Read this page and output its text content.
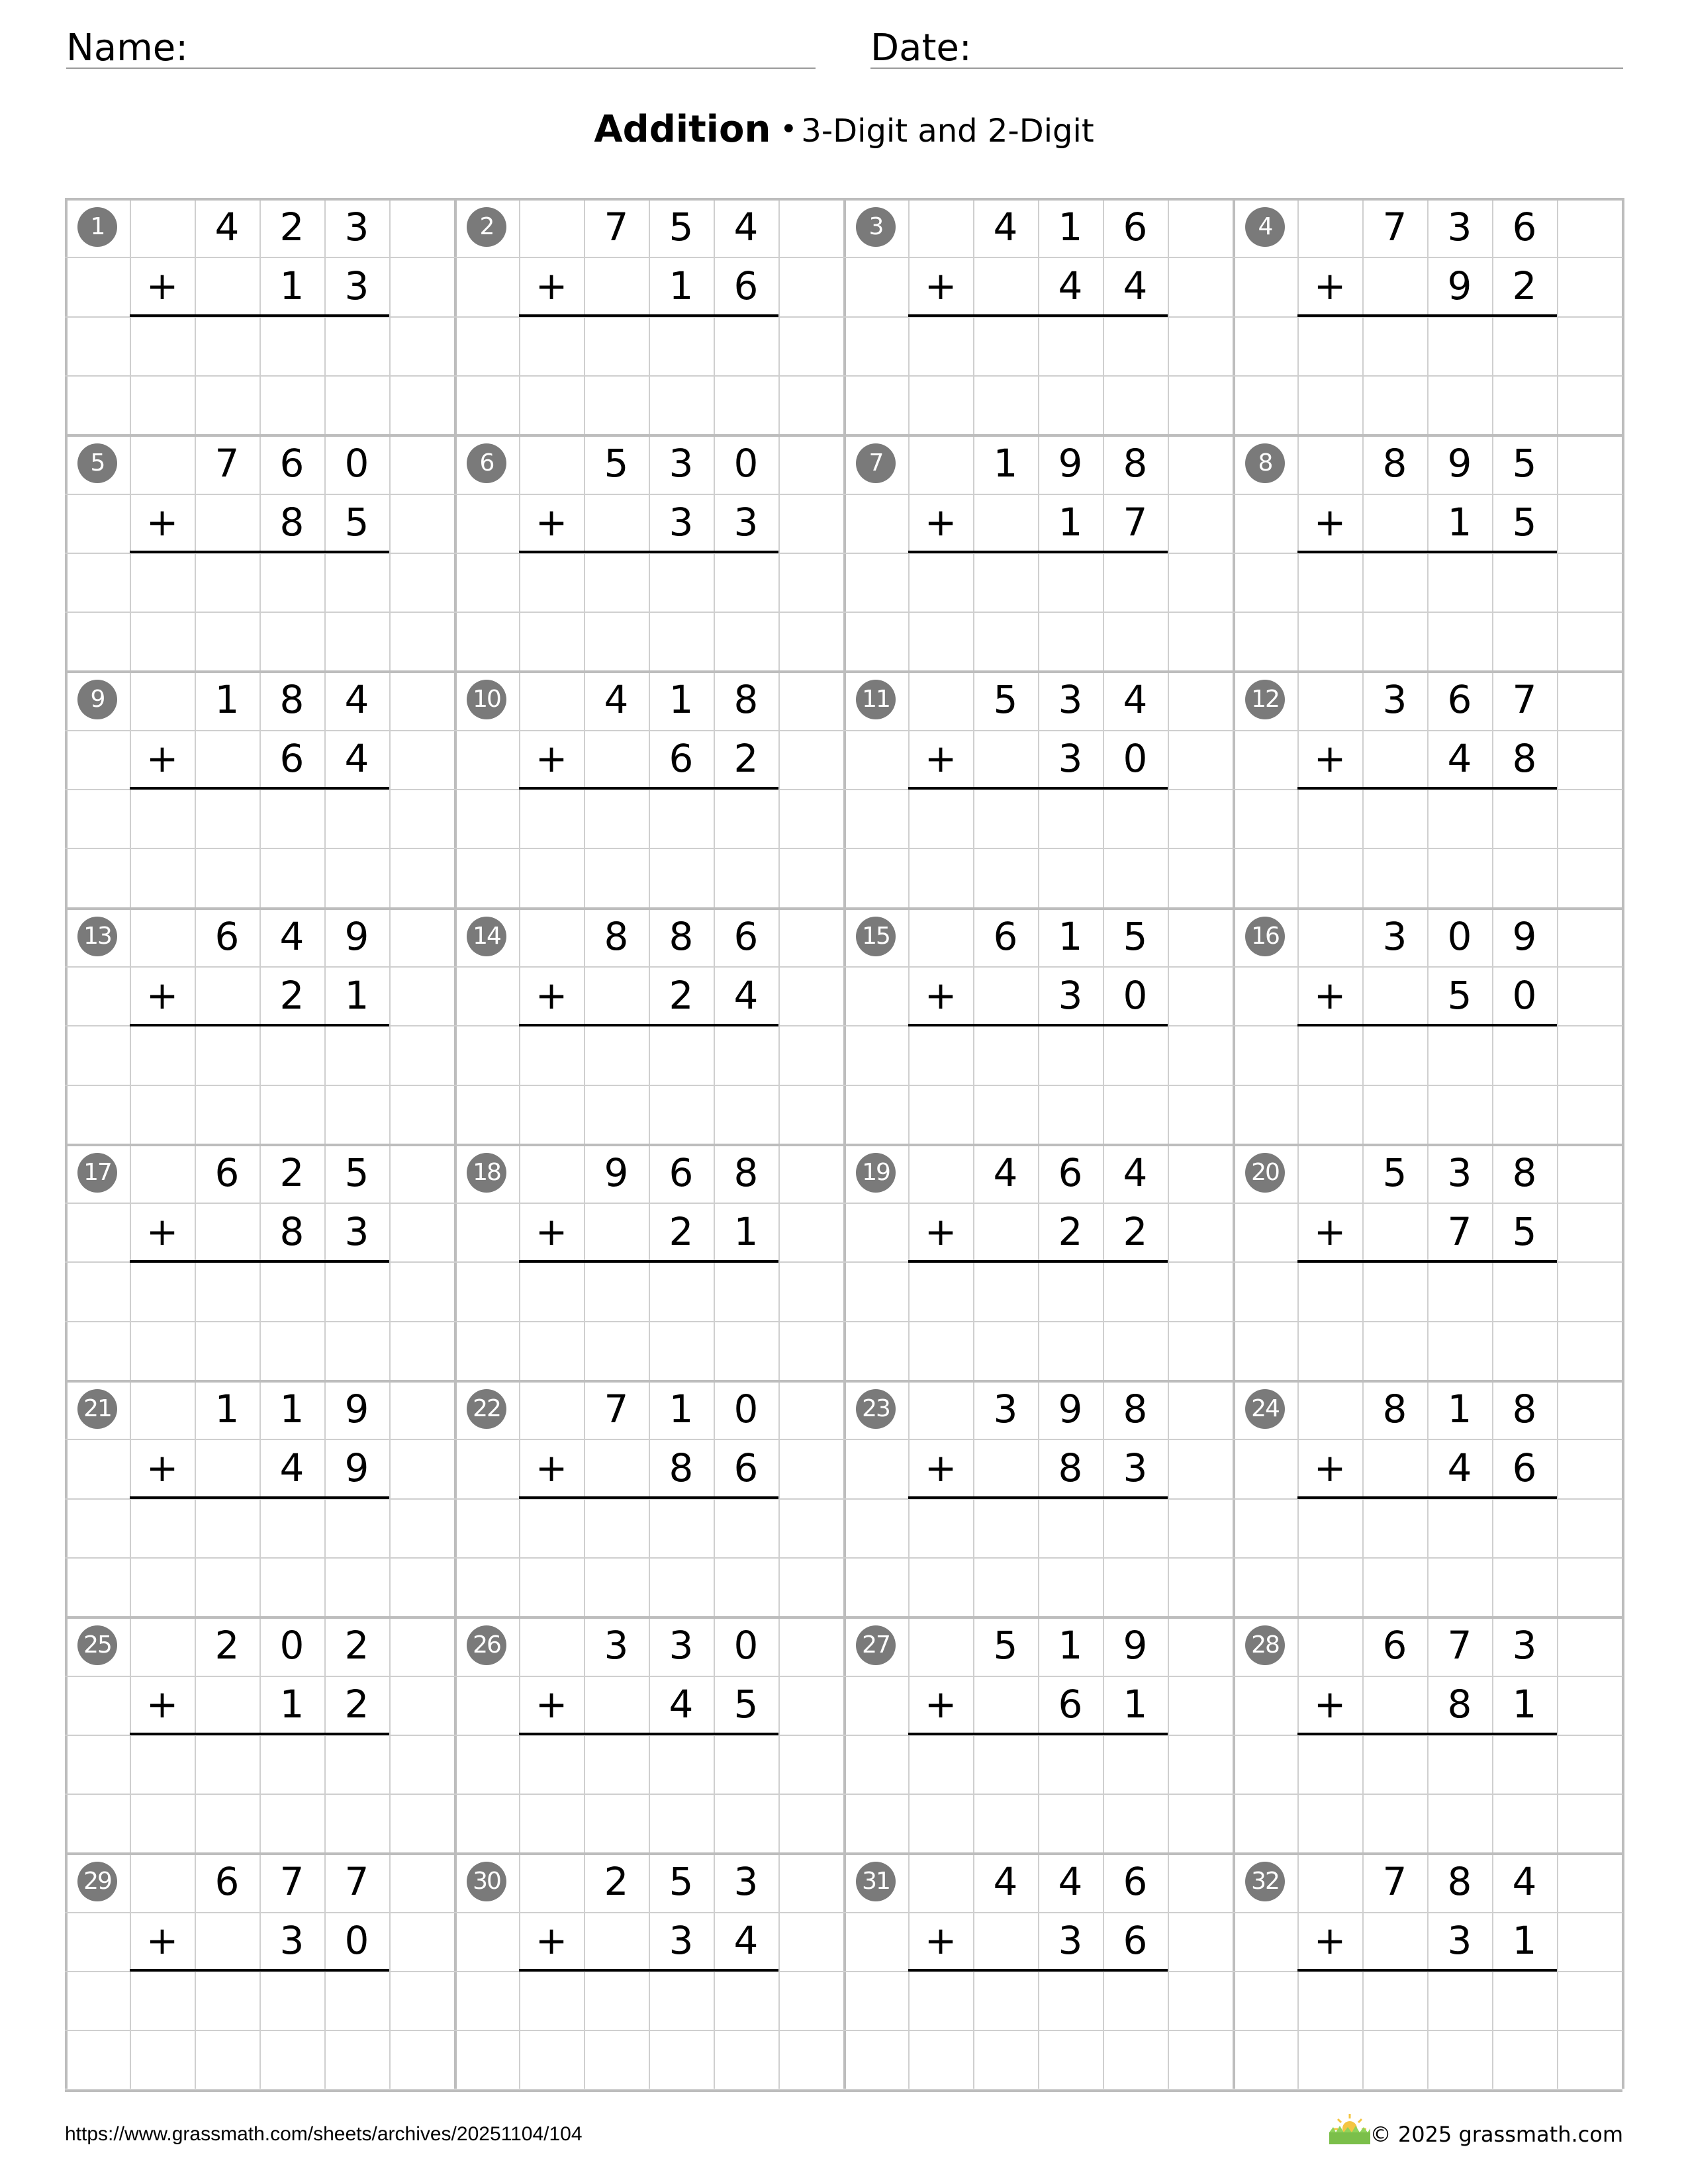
Name:	Date:
Addition • 3-Digit and 2-Digit
1	4	2	3
+	1	3
2	7	5	4
+	1	6
3	4	1	6
+	4	4
4	7	3	6
+	9	2
5	7	6	0
+	8	5
6	5	3	0
+	3	3
7	1	9	8
+	1	7
8	8	9	5
+	1	5
9	1	8	4
+	6	4
10	4	1	8
+	6	2
11	5	3	4
+	3	0
12	3	6	7
+	4	8
13	6	4	9
+	2	1
14	8	8	6
+	2	4
15	6	1	5
+	3	0
16	3	0	9
+	5	0
17	6	2	5
+	8	3
18	9	6	8
+	2	1
19	4	6	4
+	2	2
20	5	3	8
+	7	5
21	1	1	9
+	4	9
22	7	1	0
+	8	6
23	3	9	8
+	8	3
24	8	1	8
+	4	6
25	2	0	2
+	1	2
26	3	3	0
+	4	5
27	5	1	9
+	6	1
28	6	7	3
+	8	1
29	6	7	7
+	3	0
30	2	5	3
+	3	4
31	4	4	6
+	3	6
32	7	8	4
+	3	1
https://www.grassmath.com/sheets/archives/20251104/104	© 2025 grassmath.com
